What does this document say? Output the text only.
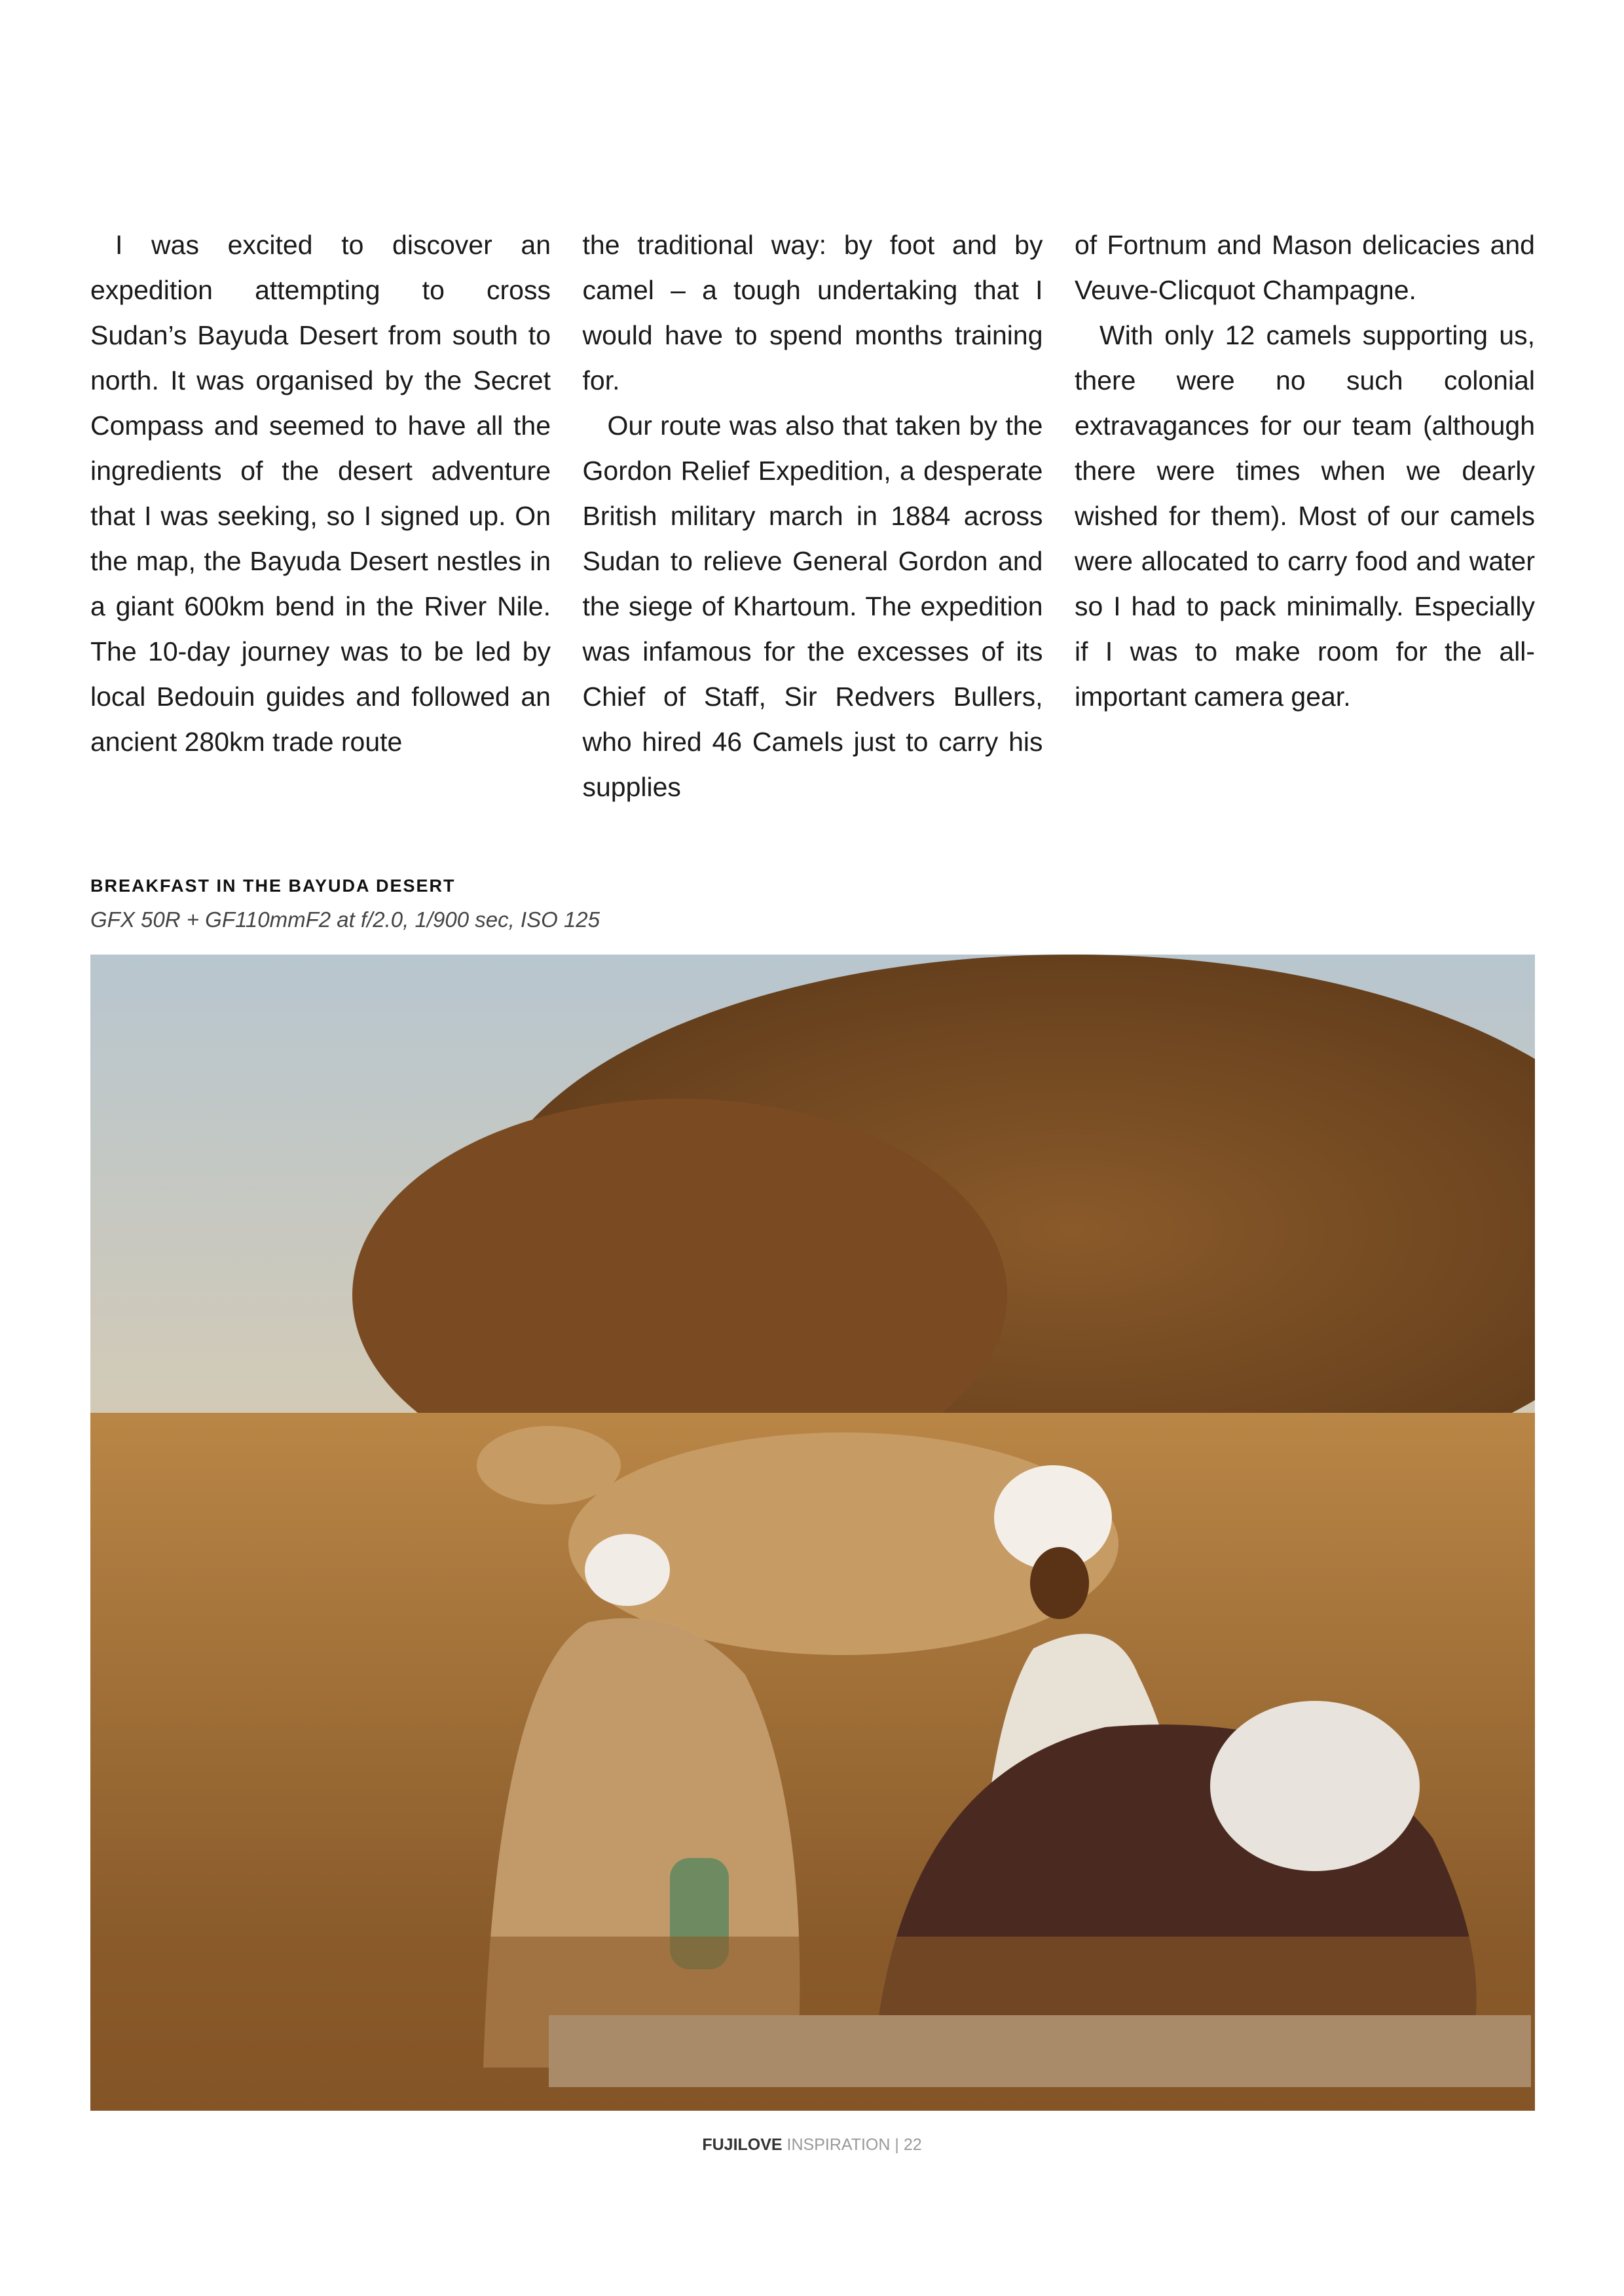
I was excited to discover an expedition attempting to cross Sudan’s Bayuda Desert from south to north. It was organised by the Secret Compass and seemed to have all the ingredients of the desert adventure that I was seeking, so I signed up. On the map, the Bayuda Desert nestles in a giant 600km bend in the River Nile. The 10-day journey was to be led by local Bedouin guides and followed an ancient 280km trade route

the traditional way: by foot and by camel – a tough undertaking that I would have to spend months training for.

Our route was also that taken by the Gordon Relief Expedition, a desperate British military march in 1884 across Sudan to relieve General Gordon and the siege of Khartoum. The expedition was infamous for the excesses of its Chief of Staff, Sir Redvers Bullers, who hired 46 Camels just to carry his supplies

of Fortnum and Mason delicacies and Veuve-Clicquot Champagne.

With only 12 camels supporting us, there were no such colonial extravagances for our team (although there were times when we dearly wished for them). Most of our camels were allocated to carry food and water so I had to pack minimally. Especially if I was to make room for the all-important camera gear.

BREAKFAST IN THE BAYUDA DESERT
GFX 50R + GF110mmF2 at f/2.0, 1/900 sec, ISO 125
FUJILOVE INSPIRATION | 22
